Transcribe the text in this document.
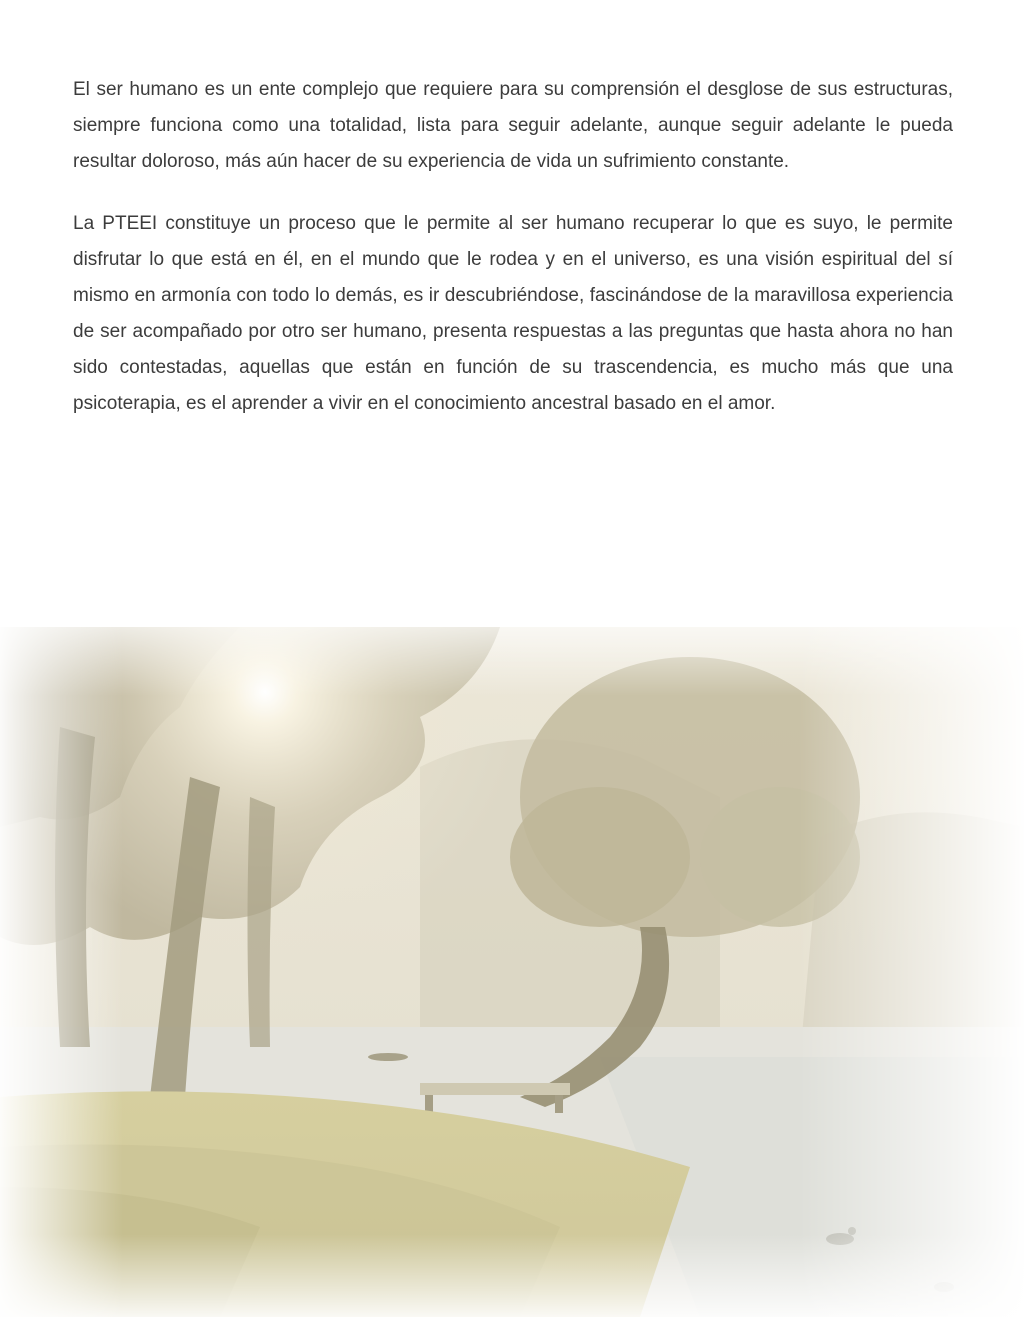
El ser humano es un ente complejo que requiere para su comprensión el desglose de sus estructuras, siempre funciona como una totalidad, lista para seguir adelante, aunque seguir adelante le pueda resultar doloroso, más aún hacer de su experiencia de vida un sufrimiento constante.

La PTEEI constituye un proceso que le permite al ser humano recuperar lo que es suyo, le permite disfrutar lo que está en él, en el mundo que le rodea y en el universo, es una visión espiritual del sí mismo en armonía con todo lo demás, es ir descubriéndose, fascinándose de la maravillosa experiencia de ser acompañado por otro ser humano, presenta respuestas a las preguntas que hasta ahora no han sido contestadas, aquellas que están en función de su trascendencia, es mucho más que una psicoterapia, es el aprender a vivir en el conocimiento ancestral basado en el amor.
